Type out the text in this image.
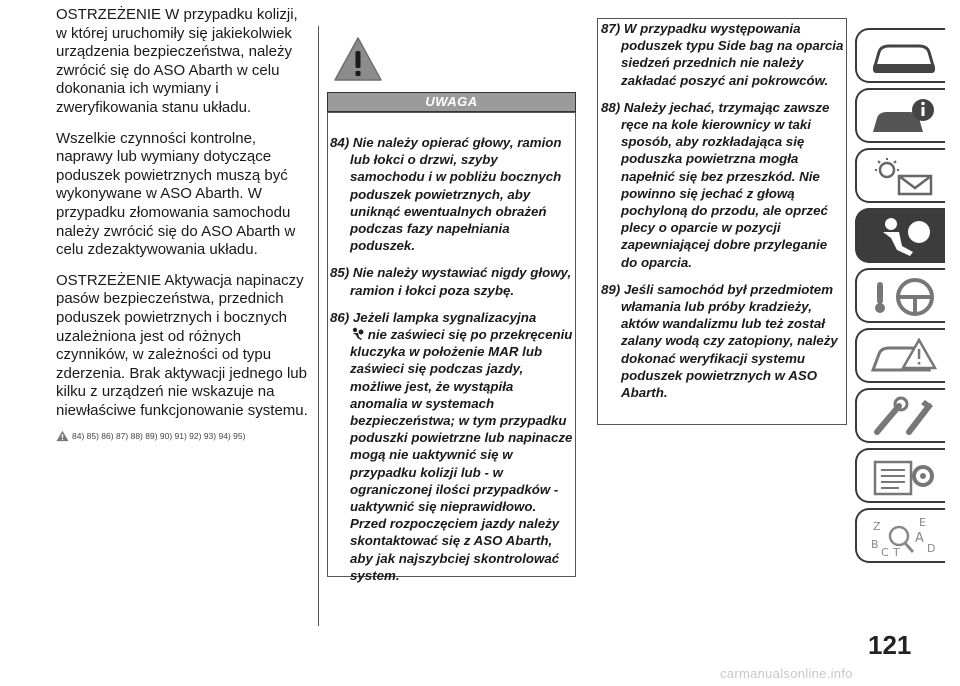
OSTRZEŻENIE W przypadku kolizji, w której uruchomiły się jakiekolwiek urządzenia bezpieczeństwa, należy zwrócić się do ASO Abarth w celu dokonania ich wymiany i zweryfikowania stanu układu.

Wszelkie czynności kontrolne, naprawy lub wymiany dotyczące poduszek powietrznych muszą być wykonywane w ASO Abarth. W przypadku złomowania samochodu należy zwrócić się do ASO Abarth w celu zdezaktywowania układu.

OSTRZEŻENIE Aktywacja napinaczy pasów bezpieczeństwa, przednich poduszek powietrznych i bocznych uzależniona jest od różnych czynników, w zależności od typu zderzenia. Brak aktywacji jednego lub kilku z urządzeń nie wskazuje na niewłaściwe funkcjonowanie systemu.

84) 85) 86) 87) 88) 89) 90) 91) 92) 93) 94) 95)
UWAGA

84) Nie należy opierać głowy, ramion lub łokci o drzwi, szyby samochodu i w pobliżu bocznych poduszek powietrznych, aby uniknąć ewentualnych obrażeń podczas fazy napełniania poduszek.

85) Nie należy wystawiać nigdy głowy, ramion i łokci poza szybę.

86) Jeżeli lampka sygnalizacyjna
nie zaświeci się po przekręceniu kluczyka w położenie MAR lub zaświeci się podczas jazdy, możliwe jest, że wystąpiła anomalia w systemach bezpieczeństwa; w tym przypadku poduszki powietrzne lub napinacze mogą nie uaktywnić się w przypadku kolizji lub - w ograniczonej ilości przypadków - uaktywnić się nieprawidłowo. Przed rozpoczęciem jazdy należy skontaktować się z ASO Abarth, aby jak najszybciej skontrolować system.

87) W przypadku występowania poduszek typu Side bag na oparcia siedzeń przednich nie należy zakładać poszyć ani pokrowców.

88) Należy jechać, trzymając zawsze ręce na kole kierownicy w taki sposób, aby rozkładająca się poduszka powietrzna mogła napełnić się bez przeszkód. Nie powinno się jechać z głową pochyloną do przodu, ale oprzeć plecy o oparcie w pozycji zapewniającej dobre przyleganie do oparcia.

89) Jeśli samochód był przedmiotem włamania lub próby kradzieży, aktów wandalizmu lub też został zalany wodą czy zatopiony, należy dokonać weryfikacji systemu poduszek powietrznych w ASO Abarth.

Z	E
A
B
C T D
121
carmanualsonline.info
